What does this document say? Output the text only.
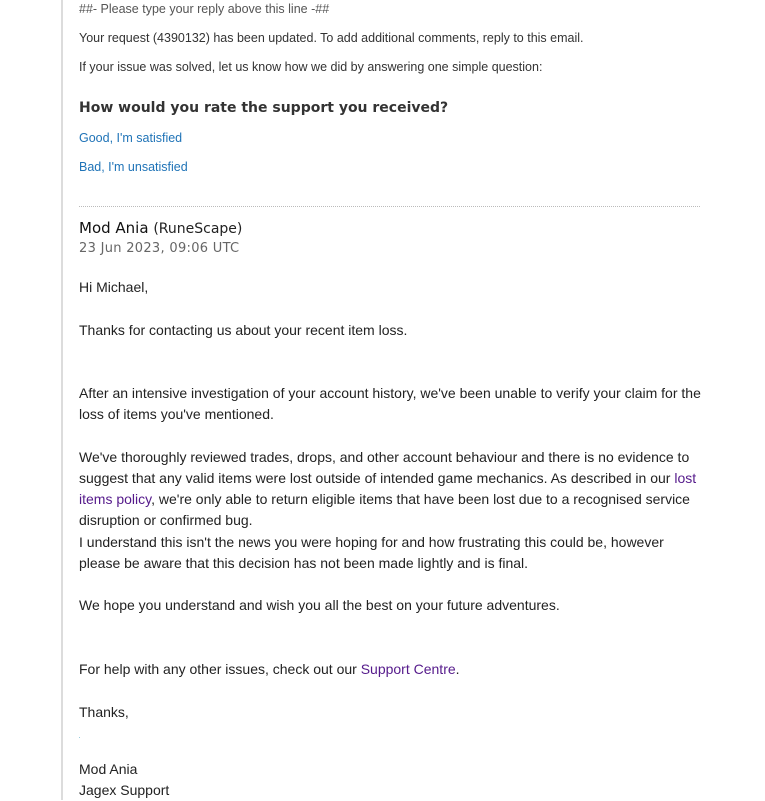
##- Please type your reply above this line -##
Your request (4390132) has been updated. To add additional comments, reply to this email.
If your issue was solved, let us know how we did by answering one simple question:
How would you rate the support you received?
Good, I'm satisfied
Bad, I'm unsatisfied
Mod Ania (RuneScape)
23 Jun 2023, 09:06 UTC
Hi Michael,
Thanks for contacting us about your recent item loss.
After an intensive investigation of your account history, we've been unable to verify your claim for the loss of items you've mentioned.
We've thoroughly reviewed trades, drops, and other account behaviour and there is no evidence to suggest that any valid items were lost outside of intended game mechanics. As described in our lost items policy, we're only able to return eligible items that have been lost due to a recognised service disruption or confirmed bug.
I understand this isn't the news you were hoping for and how frustrating this could be, however please be aware that this decision has not been made lightly and is final.
We hope you understand and wish you all the best on your future adventures.
For help with any other issues, check out our Support Centre.
Thanks,
Mod Ania
Jagex Support
